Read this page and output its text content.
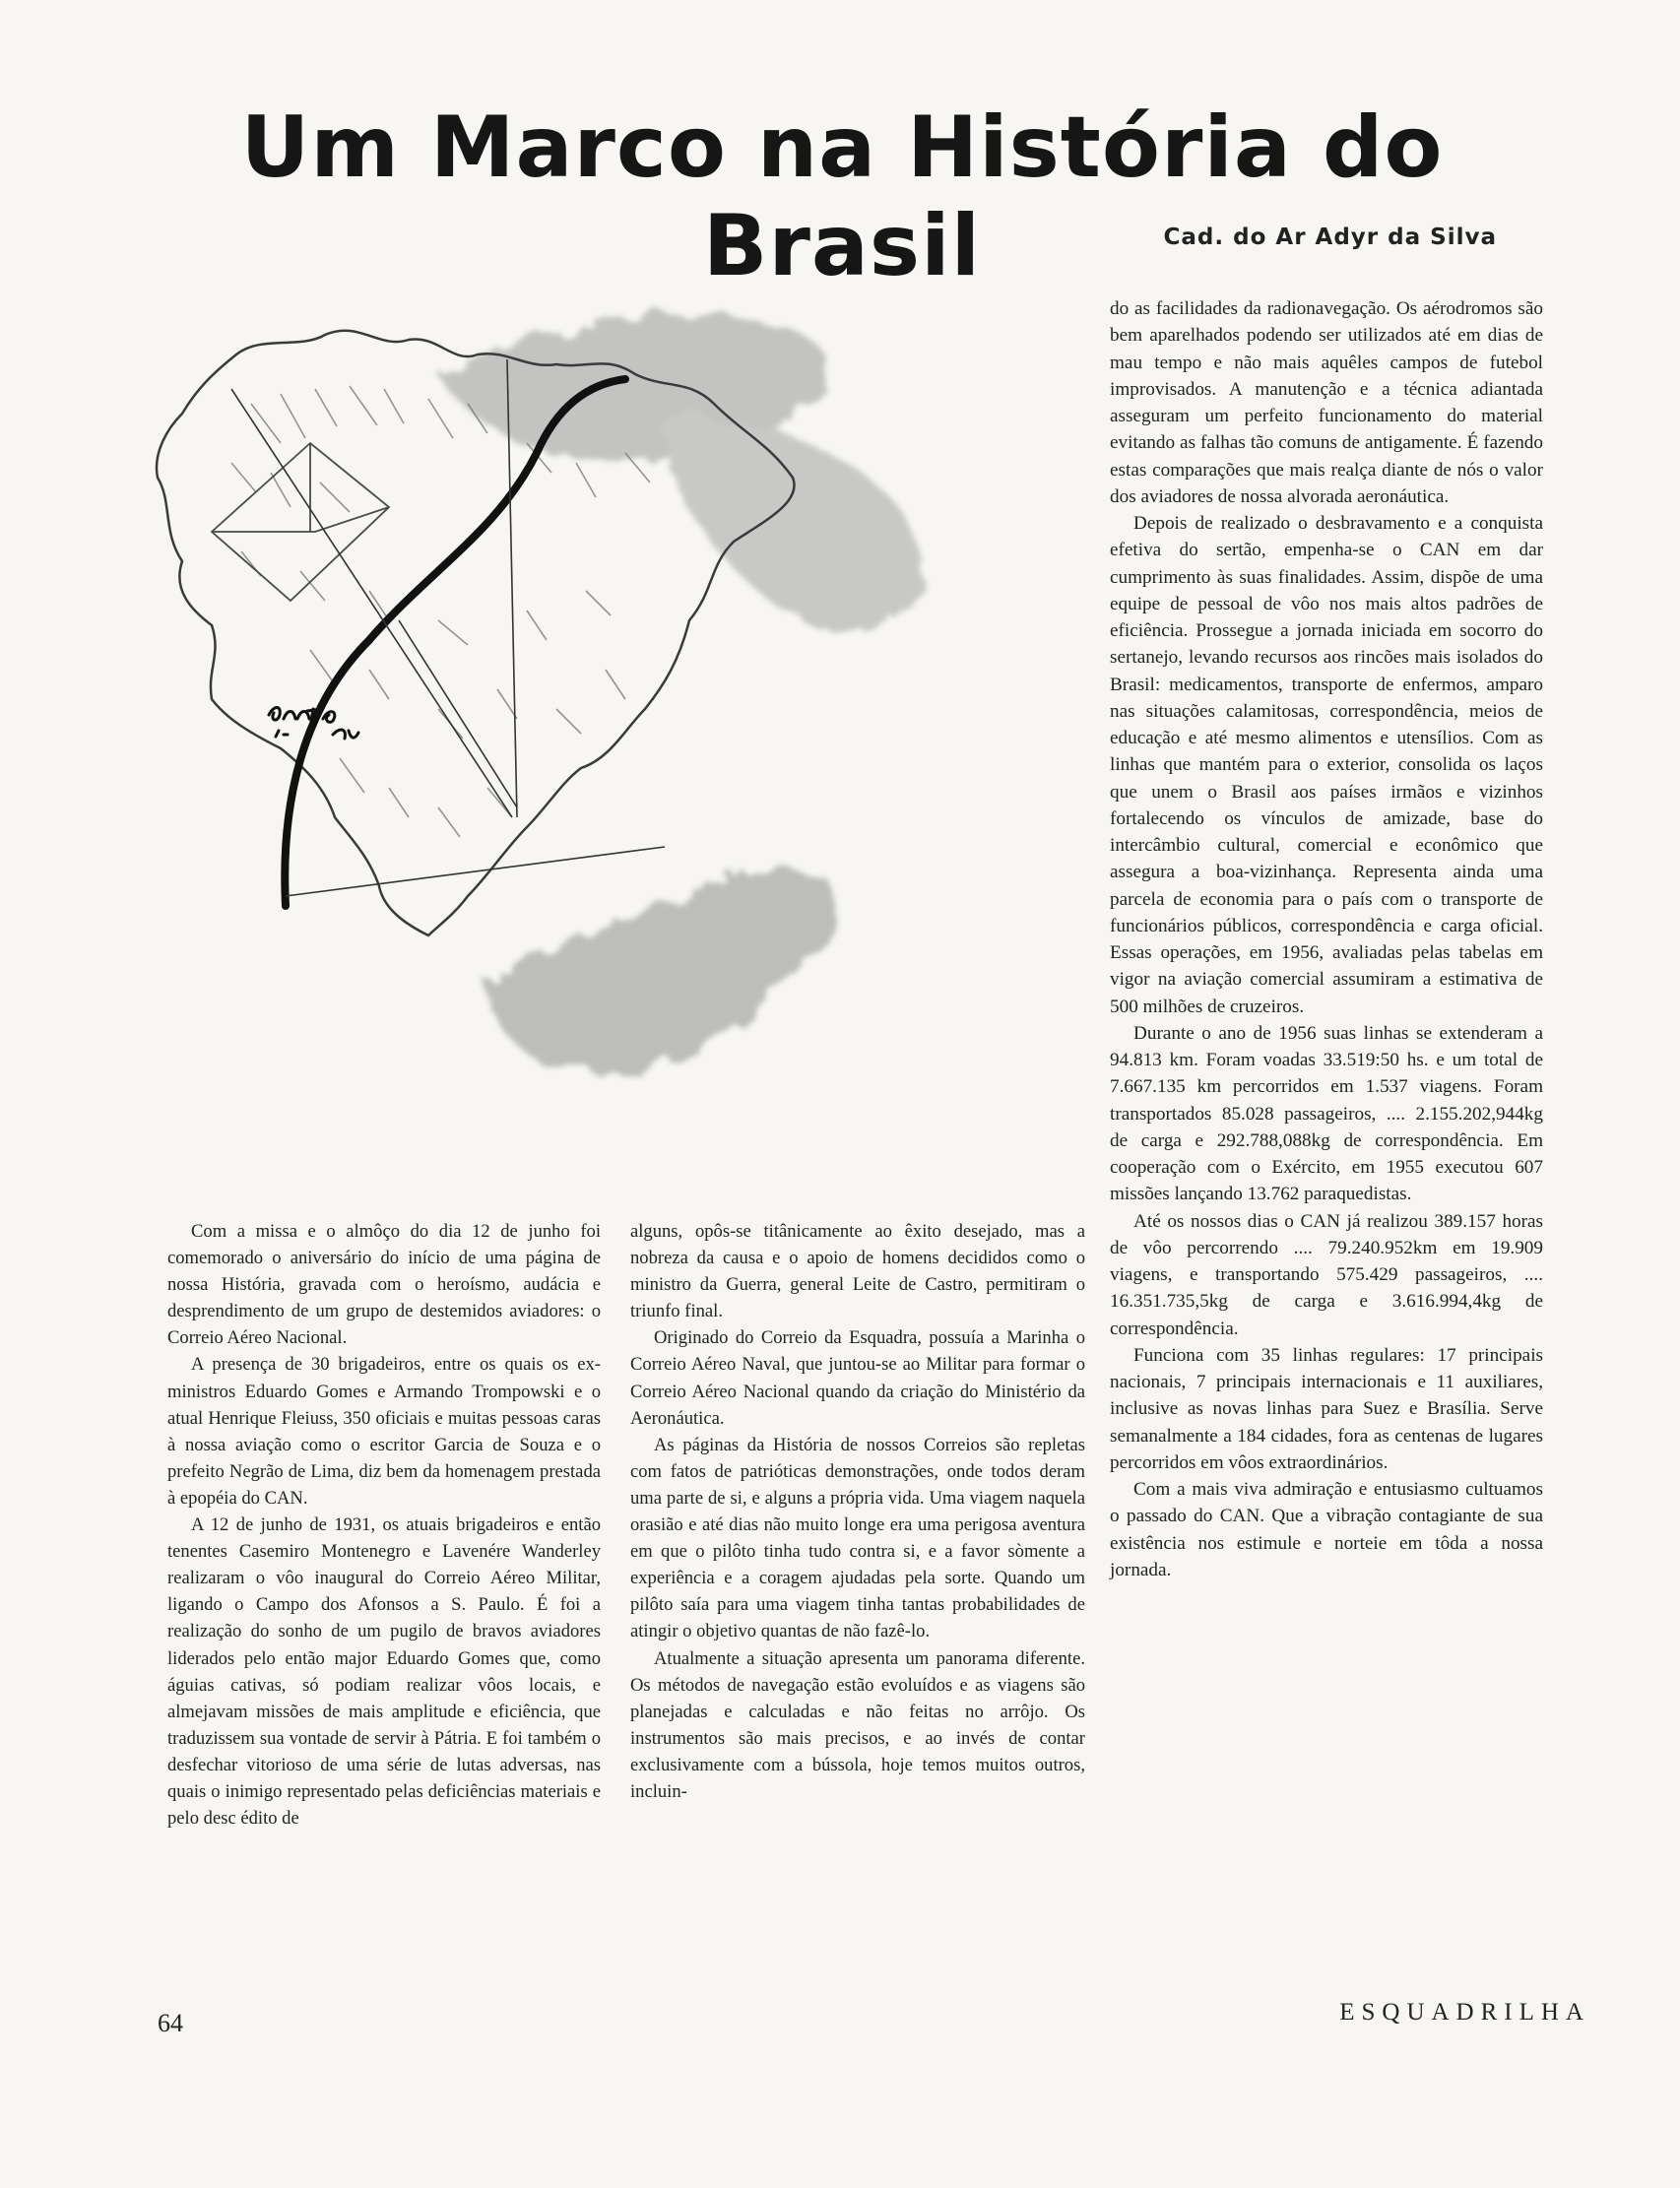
Um Marco na História do Brasil	Cad. do Ar Adyr da Silva

do as facilidades da radionavegação. Os aérodromos são bem aparelhados podendo ser utilizados até em dias de mau tempo e não mais aquêles campos de futebol improvisados. A manutenção e a técnica adiantada asseguram um perfeito funcionamento do material evitando as falhas tão comuns de antigamente. É fazendo estas comparações que mais realça diante de nós o valor dos aviadores de nossa alvorada aeronáutica.

Depois de realizado o desbravamento e a conquista efetiva do sertão, empenha-se o CAN em dar cumprimento às suas finalidades. Assim, dispõe de uma equipe de pessoal de vôo nos mais altos padrões de eficiência. Prossegue a jornada iniciada em socorro do sertanejo, levando recursos aos rincões mais isolados do Brasil: medicamentos, transporte de enfermos, amparo nas situações calamitosas, correspondência, meios de educação e até mesmo alimentos e utensílios. Com as linhas que mantém para o exterior, consolida os laços que unem o Brasil aos países irmãos e vizinhos fortalecendo os vínculos de amizade, base do intercâmbio cultural, comercial e econômico que assegura a boa-vizinhança. Representa ainda uma parcela de economia para o país com o transporte de funcionários públicos, correspondência e carga oficial. Essas operações, em 1956, avaliadas pelas tabelas em vigor na aviação comercial assumiram a estimativa de 500 milhões de cruzeiros.

Durante o ano de 1956 suas linhas se extenderam a 94.813 km. Foram voadas 33.519:50 hs. e um total de 7.667.135 km percorridos em 1.537 viagens. Foram transportados 85.028 passageiros, .... 2.155.202,944kg de carga e 292.788,088kg de correspondência. Em cooperação com o Exército, em 1955 executou 607 missões lançando 13.762 paraquedistas.

Até os nossos dias o CAN já realizou 389.157 horas de vôo percorrendo .... 79.240.952km em 19.909 viagens, e transportando 575.429 passageiros, .... 16.351.735,5kg de carga e 3.616.994,4kg de correspondência.

Funciona com 35 linhas regulares: 17 principais nacionais, 7 principais internacionais e 11 auxiliares, inclusive as novas linhas para Suez e Brasília. Serve semanalmente a 184 cidades, fora as centenas de lugares percorridos em vôos extraordinários.

Com a mais viva admiração e entusiasmo cultuamos o passado do CAN. Que a vibração contagiante de sua existência nos estimule e norteie em tôda a nossa jornada.

Com a missa e o almôço do dia 12 de junho foi comemorado o aniversário do início de uma página de nossa História, gravada com o heroísmo, audácia e desprendimento de um grupo de destemidos aviadores: o Correio Aéreo Nacional.

A presença de 30 brigadeiros, entre os quais os ex-ministros Eduardo Gomes e Armando Trompowski e o atual Henrique Fleiuss, 350 oficiais e muitas pessoas caras à nossa aviação como o escritor Garcia de Souza e o prefeito Negrão de Lima, diz bem da homenagem prestada à epopéia do CAN.

A 12 de junho de 1931, os atuais brigadeiros e então tenentes Casemiro Montenegro e Lavenére Wanderley realizaram o vôo inaugural do Correio Aéreo Militar, ligando o Campo dos Afonsos a S. Paulo. É foi a realização do sonho de um pugilo de bravos aviadores liderados pelo então major Eduardo Gomes que, como águias cativas, só podiam realizar vôos locais, e almejavam missões de mais amplitude e eficiência, que traduzissem sua vontade de servir à Pátria. E foi também o desfechar vitorioso de uma série de lutas adversas, nas quais o inimigo representado pelas deficiências materiais e pelo desc édito de

alguns, opôs-se titânicamente ao êxito desejado, mas a nobreza da causa e o apoio de homens decididos como o ministro da Guerra, general Leite de Castro, permitiram o triunfo final.

Originado do Correio da Esquadra, possuía a Marinha o Correio Aéreo Naval, que juntou-se ao Militar para formar o Correio Aéreo Nacional quando da criação do Ministério da Aeronáutica.

As páginas da História de nossos Correios são repletas com fatos de patrióticas demonstrações, onde todos deram uma parte de si, e alguns a própria vida. Uma viagem naquela orasião e até dias não muito longe era uma perigosa aventura em que o pilôto tinha tudo contra si, e a favor sòmente a experiência e a coragem ajudadas pela sorte. Quando um pilôto saía para uma viagem tinha tantas probabilidades de atingir o objetivo quantas de não fazê-lo.

Atualmente a situação apresenta um panorama diferente. Os métodos de navegação estão evoluídos e as viagens são planejadas e calculadas e não feitas no arrôjo. Os instrumentos são mais precisos, e ao invés de contar exclusivamente com a bússola, hoje temos muitos outros, incluin-

64	ESQUADRILHA
